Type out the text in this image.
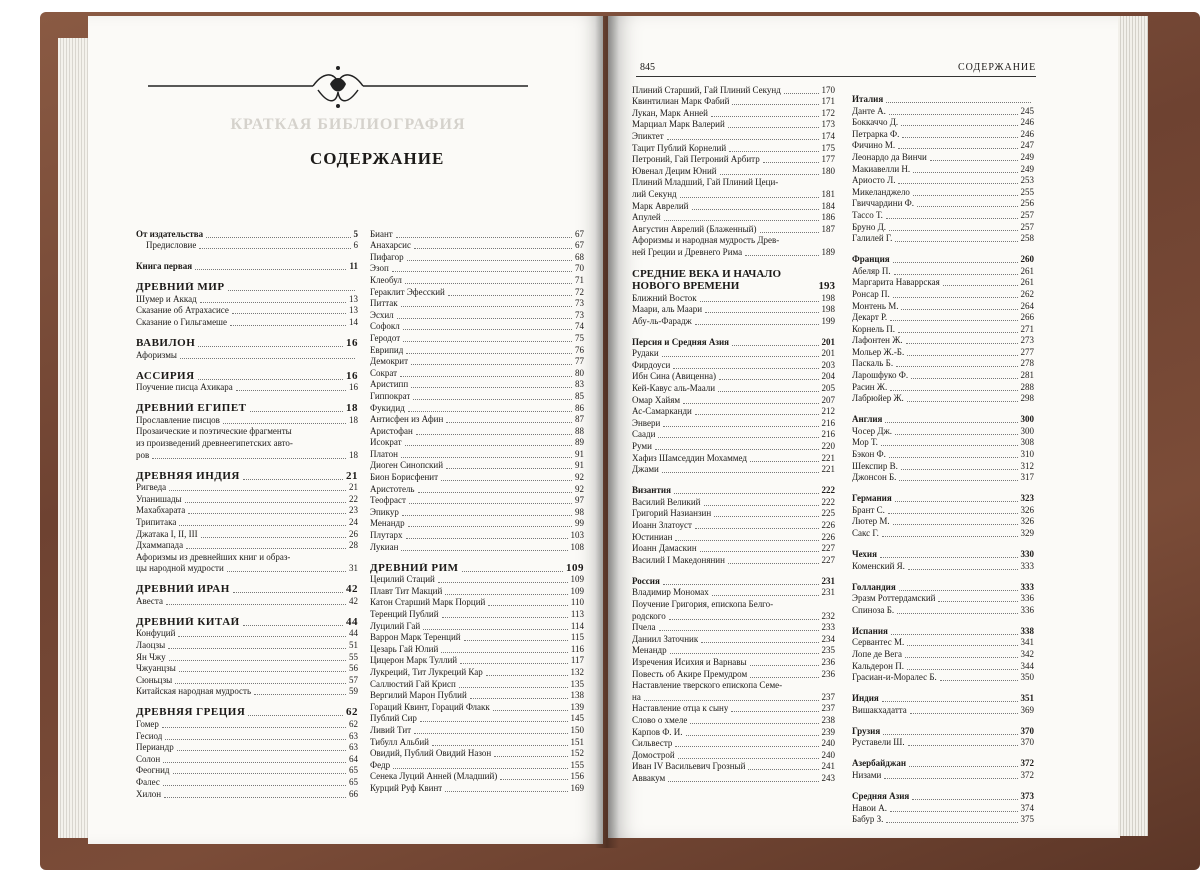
КРАТКАЯ БИБЛИОГРАФИЯ
СОДЕРЖАНИЕ
От издательства	5
Предисловие	6
Книга первая	11
ДРЕВНИЙ МИР
Шумер и Аккад	13
Сказание об Атрахасисе	13
Сказание о Гильгамеше	14
ВАВИЛОН	16
Афоризмы
АССИРИЯ	16
Поучение писца Ахикара	16
ДРЕВНИЙ ЕГИПЕТ	18
Прославление писцов	18
Прозаические и поэтические фрагменты
из произведений древнеегипетских авто-
ров	18
ДРЕВНЯЯ ИНДИЯ	21
Ригведа	21
Упанишады	22
Махабхарата	23
Трипитака	24
Джатака I, II, III	26
Дхаммапада	28
Афоризмы из древнейших книг и образ-
цы народной мудрости	31
ДРЕВНИЙ ИРАН	42
Авеста	42
ДРЕВНИЙ КИТАЙ	44
Конфуций	44
Лаоцзы	51
Ян Чжу	55
Чжуанцзы	56
Сюньцзы	57
Китайская народная мудрость	59
ДРЕВНЯЯ ГРЕЦИЯ	62
Гомер	62
Гесиод	63
Периандр	63
Солон	64
Феогнид	65
Фалес	65
Хилон	66
Биант	67
Анахарсис	67
Пифагор	68
Эзоп	70
Клеобул	71
Гераклит Эфесский	72
Питтак	73
Эсхил	73
Софокл	74
Геродот	75
Еврипид	76
Демокрит	77
Сократ	80
Аристипп	83
Гиппократ	85
Фукидид	86
Антисфен из Афин	87
Аристофан	88
Исократ	89
Платон	91
Диоген Синопский	91
Бион Борисфенит	92
Аристотель	92
Теофраст	97
Эпикур	98
Менандр	99
Плутарх	103
Лукиан	108
ДРЕВНИЙ РИМ	109
Цецилий Стаций	109
Плавт Тит Макций	109
Катон Старший Марк Порций	110
Теренций Публий	113
Луцилий Гай	114
Варрон Марк Теренций	115
Цезарь Гай Юлий	116
Цицерон Марк Туллий	117
Лукреций, Тит Лукреций Кар	132
Саллюстий Гай Крисп	135
Вергилий Марон Публий	138
Гораций Квинт, Гораций Флакк	139
Публий Сир	145
Ливий Тит	150
Тибулл Альбий	151
Овидий, Публий Овидий Назон	152
Федр	155
Сенека Луций Анней (Младший)	156
Курций Руф Квинт	169
845	СОДЕРЖАНИЕ
Плиний Старший, Гай Плиний Секунд	170
Квинтилиан Марк Фабий	171
Лукан, Марк Анней	172
Марциал Марк Валерий	173
Эпиктет	174
Тацит Публий Корнелий	175
Петроний, Гай Петроний Арбитр	177
Ювенал Децим Юний	180
Плиний Младший, Гай Плиний Цеци-
лий Секунд	181
Марк Аврелий	184
Апулей	186
Августин Аврелий (Блаженный)	187
Афоризмы и народная мудрость Древ-
ней Греции и Древнего Рима	189
СРЕДНИЕ ВЕКА И НАЧАЛО НОВОГО ВРЕМЕНИ	193
Ближний Восток	198
Маари, аль Маари	198
Абу-ль-Фарадж	199
Персия и Средняя Азия	201
Рудаки	201
Фирдоуси	203
Ибн Сина (Авиценна)	204
Кей-Кавус аль-Маали	205
Омар Хайям	207
Ас-Самарканди	212
Энвери	216
Саади	216
Руми	220
Хафиз Шамседдин Мохаммед	221
Джами	221
Византия	222
Василий Великий	222
Григорий Назианзин	225
Иоанн Златоуст	226
Юстиниан	226
Иоанн Дамаскин	227
Василий I Македонянин	227
Россия	231
Владимир Мономах	231
Поучение Григория, епископа Белго-
родского	232
Пчела	233
Даниил Заточник	234
Менандр	235
Изречения Исихия и Варнавы	236
Повесть об Акире Премудром	236
Наставление тверского епископа Семе-
на	237
Наставление отца к сыну	237
Слово о хмеле	238
Карпов Ф. И.	239
Сильвестр	240
Домострой	240
Иван IV Васильевич Грозный	241
Аввакум	243
Италия
Данте А.	245
Боккаччо Д.	246
Петрарка Ф.	246
Фичино М.	247
Леонардо да Винчи	249
Макиавелли Н.	249
Ариосто Л.	253
Микеланджело	255
Гвиччардини Ф.	256
Тассо Т.	257
Бруно Д.	257
Галилей Г.	258
Франция	260
Абеляр П.	261
Маргарита Наваррская	261
Ронсар П.	262
Монтень М.	264
Декарт Р.	266
Корнель П.	271
Лафонтен Ж.	273
Мольер Ж.-Б.	277
Паскаль Б.	278
Ларошфуко Ф.	281
Расин Ж.	288
Лабрюйер Ж.	298
Англия	300
Чосер Дж.	300
Мор Т.	308
Бэкон Ф.	310
Шекспир В.	312
Джонсон Б.	317
Германия	323
Брант С.	326
Лютер М.	326
Сакс Г.	329
Чехия	330
Коменский Я.	333
Голландия	333
Эразм Роттердамский	336
Спиноза Б.	336
Испания	338
Сервантес М.	341
Лопе де Вега	342
Кальдерон П.	344
Грасиан-и-Моралес Б.	350
Индия	351
Вишакхадатта	369
Грузия	370
Руставели Ш.	370
Азербайджан	372
Низами	372
Средняя Азия	373
Навои А.	374
Бабур З.	375
